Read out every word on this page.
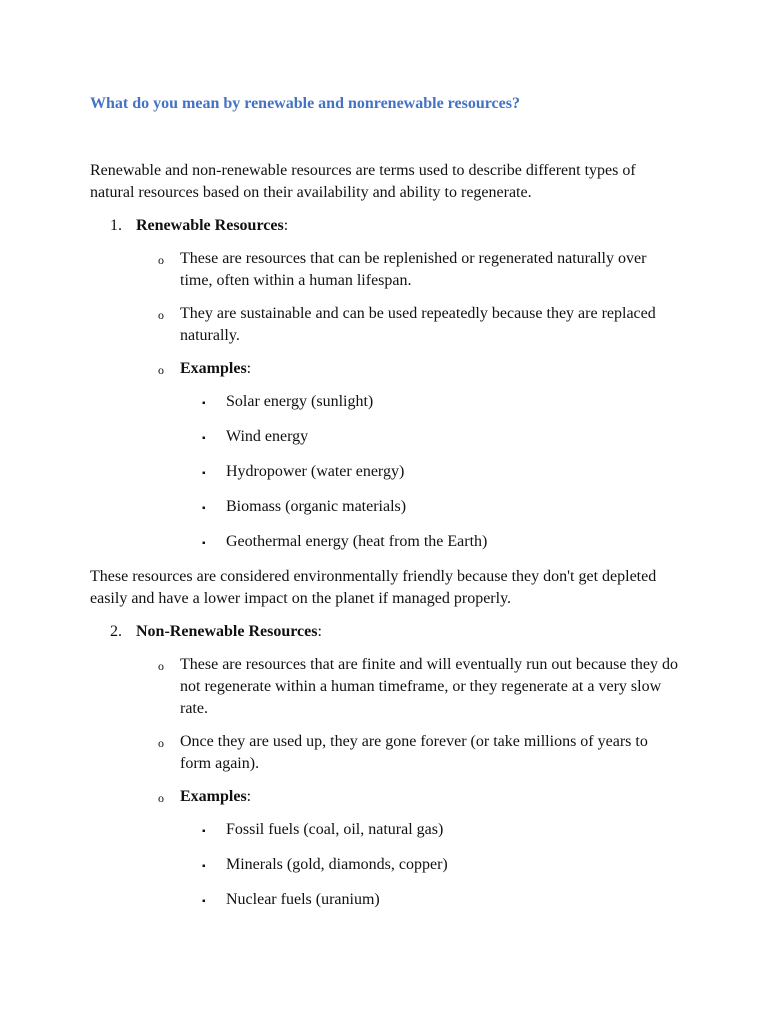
What do you mean by renewable and nonrenewable resources?
Renewable and non-renewable resources are terms used to describe different types of natural resources based on their availability and ability to regenerate.
1. Renewable Resources:
o	These are resources that can be replenished or regenerated naturally over time, often within a human lifespan.
o	They are sustainable and can be used repeatedly because they are replaced naturally.
o	Examples:
▪	Solar energy (sunlight)
▪	Wind energy
▪	Hydropower (water energy)
▪	Biomass (organic materials)
▪	Geothermal energy (heat from the Earth)
These resources are considered environmentally friendly because they don't get depleted easily and have a lower impact on the planet if managed properly.
2. Non-Renewable Resources:
o	These are resources that are finite and will eventually run out because they do not regenerate within a human timeframe, or they regenerate at a very slow rate.
o	Once they are used up, they are gone forever (or take millions of years to form again).
o	Examples:
▪	Fossil fuels (coal, oil, natural gas)
▪	Minerals (gold, diamonds, copper)
▪	Nuclear fuels (uranium)
